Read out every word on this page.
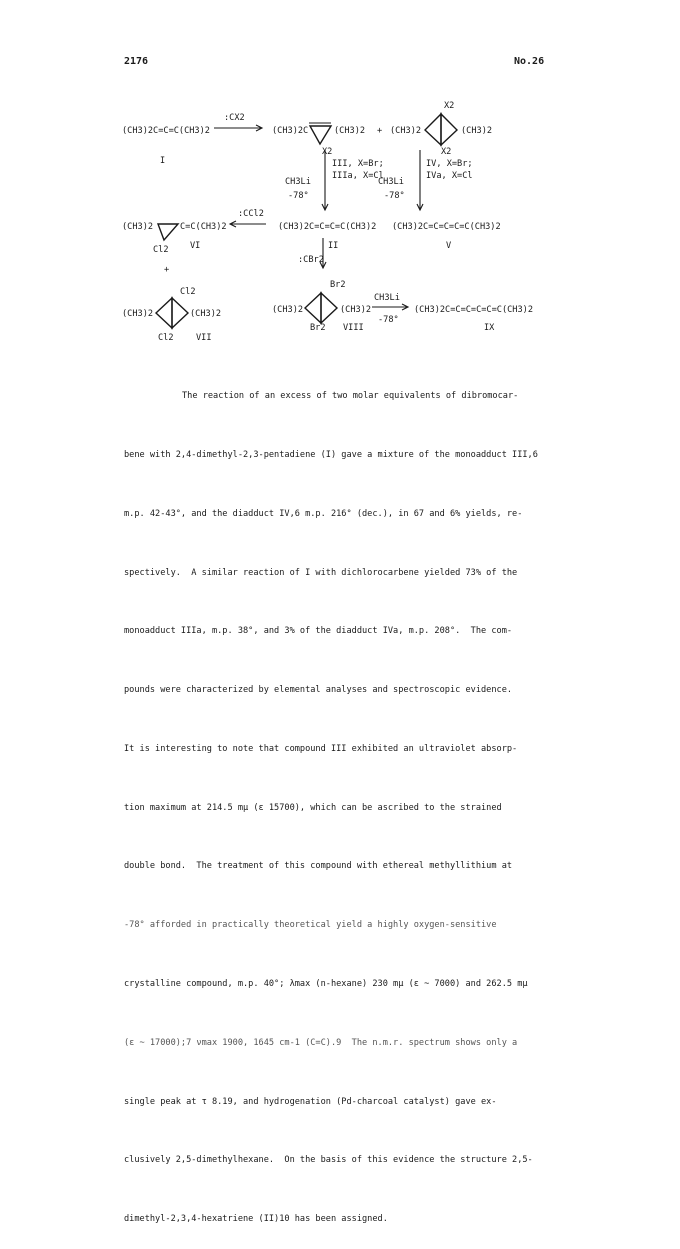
2176	No.26
(CH3)2C=C=C(CH3)2
I
:CX2
(CH3)2C	(CH3)2
X2
+ (CH3)2
X2
(CH3)2
X2
III, X=Br;
IIIa, X=Cl
CH3Li
-78°
IV, X=Br;
IVa, X=Cl
CH3Li
-78°
(CH3)2	C=C(CH3)2
Cl2 VI
:CCl2
(CH3)2C=C=C=C(CH3)2 (CH3)2C=C=C=C=C(CH3)2
V
II
:CBr2
+
(CH3)2
Cl2
(CH3)2
Cl2	VII
(CH3)2
Br2
(CH3)2
Br2 VIII
CH3Li
-78°
(CH3)2C=C=C=C=C=C(CH3)2
IX

The reaction of an excess of two molar equivalents of dibromocar-

bene with 2,4-dimethyl-2,3-pentadiene (I) gave a mixture of the monoadduct III,6

m.p. 42-43°, and the diadduct IV,6 m.p. 216° (dec.), in 67 and 6% yields, re-

spectively.  A similar reaction of I with dichlorocarbene yielded 73% of the

monoadduct IIIa, m.p. 38°, and 3% of the diadduct IVa, m.p. 208°.  The com-

pounds were characterized by elemental analyses and spectroscopic evidence.

It is interesting to note that compound III exhibited an ultraviolet absorp-

tion maximum at 214.5 mμ (ε 15700), which can be ascribed to the strained

double bond.  The treatment of this compound with ethereal methyllithium at

-78° afforded in practically theoretical yield a highly oxygen-sensitive

crystalline compound, m.p. 40°; λmax (n-hexane) 230 mμ (ε ~ 7000) and 262.5 mμ

(ε ~ 17000);7 νmax 1900, 1645 cm-1 (C=C).9  The n.m.r. spectrum shows only a

single peak at τ 8.19, and hydrogenation (Pd-charcoal catalyst) gave ex-

clusively 2,5-dimethylhexane.  On the basis of this evidence the structure 2,5-

dimethyl-2,3,4-hexatriene (II)10 has been assigned.
